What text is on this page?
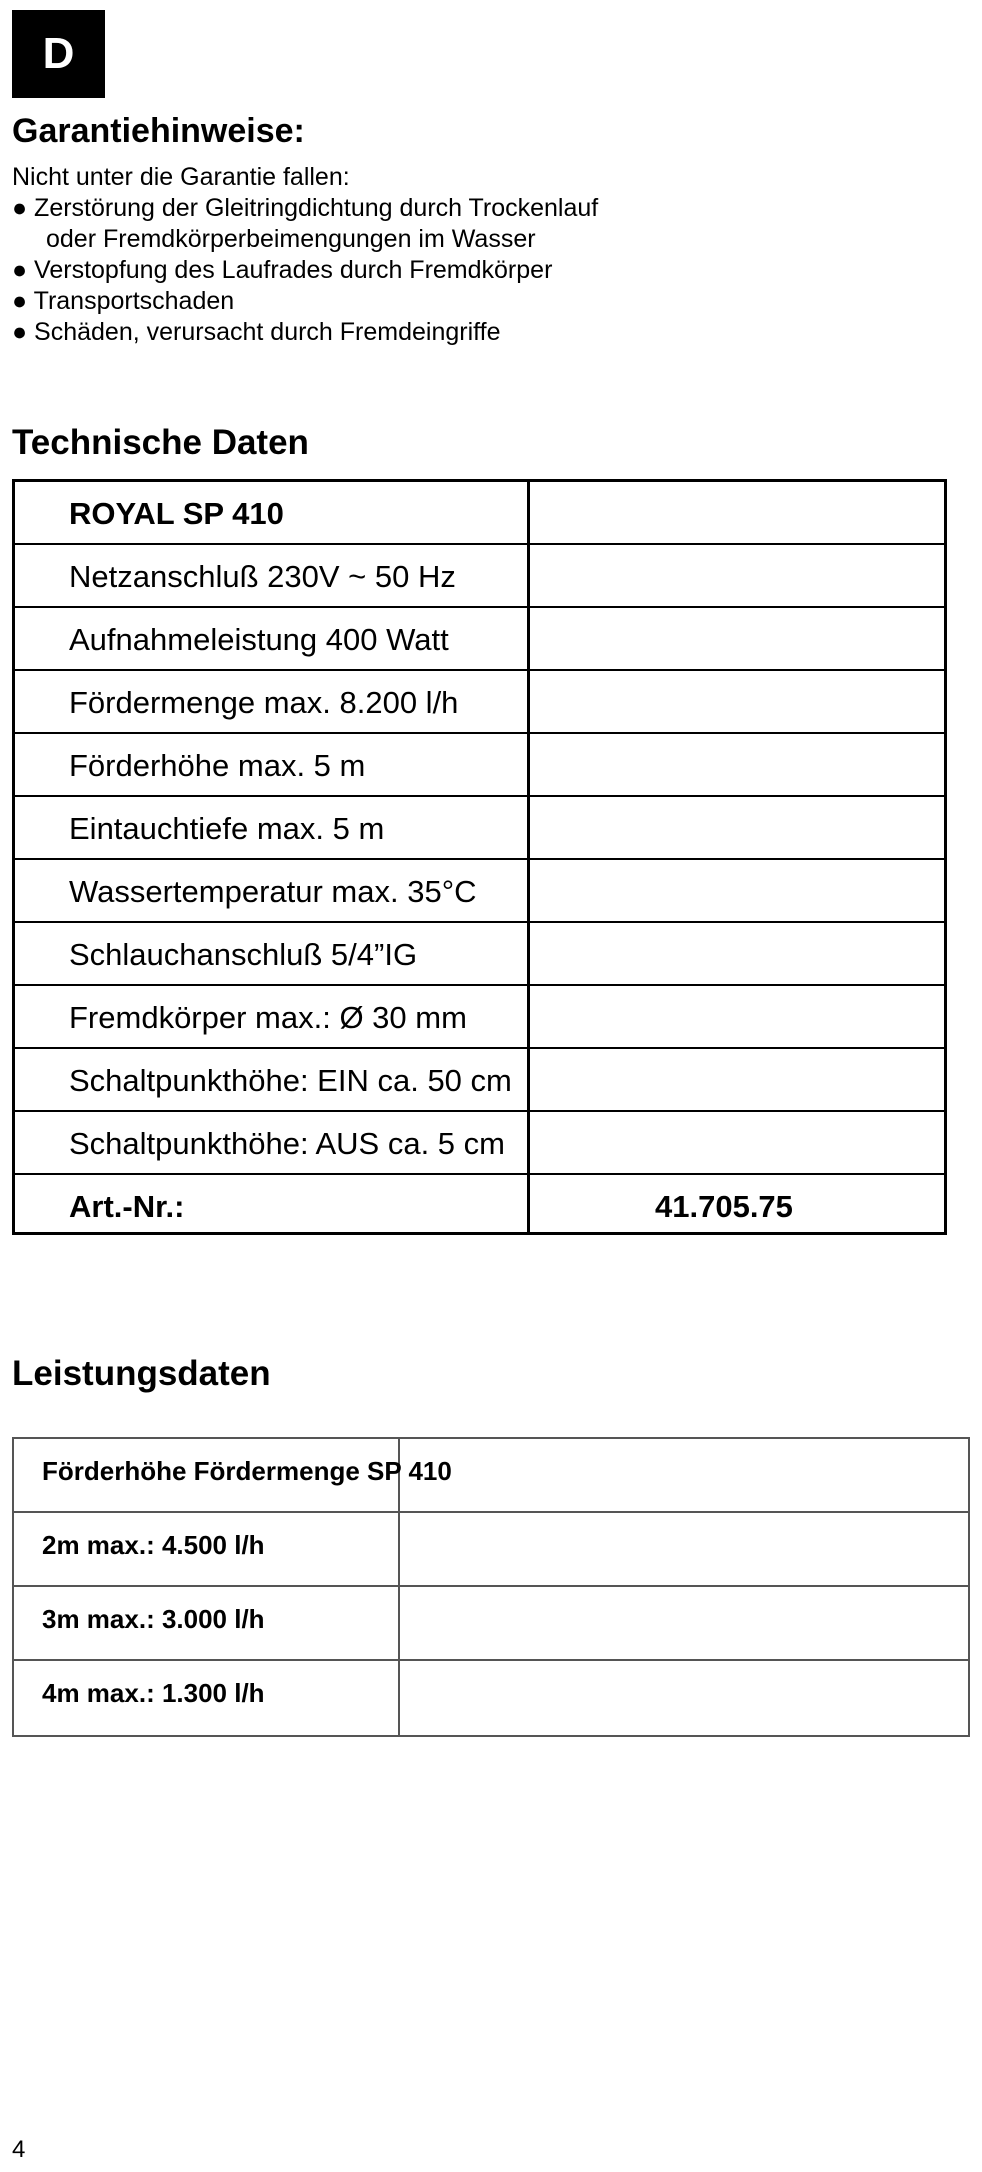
D
Garantiehinweise:
Nicht unter die Garantie fallen:
● Zerstörung der Gleitringdichtung durch Trockenlauf
oder Fremdkörperbeimengungen im Wasser
● Verstopfung des Laufrades durch Fremdkörper
● Transportschaden
● Schäden, verursacht durch Fremdeingriffe
Technische Daten
ROYAL SP 410
Netzanschluß 230V ~ 50 Hz
Aufnahmeleistung 400 Watt
Fördermenge max. 8.200 l/h
Förderhöhe max. 5 m
Eintauchtiefe max. 5 m
Wassertemperatur max. 35°C
Schlauchanschluß 5/4”IG
Fremdkörper max.: Ø 30 mm
Schaltpunkthöhe: EIN ca. 50 cm
Schaltpunkthöhe: AUS ca. 5 cm
Art.-Nr.:	41.705.75
Leistungsdaten
Förderhöhe Fördermenge SP 410
2m max.: 4.500 l/h
3m max.: 3.000 l/h
4m max.: 1.300 l/h
4
